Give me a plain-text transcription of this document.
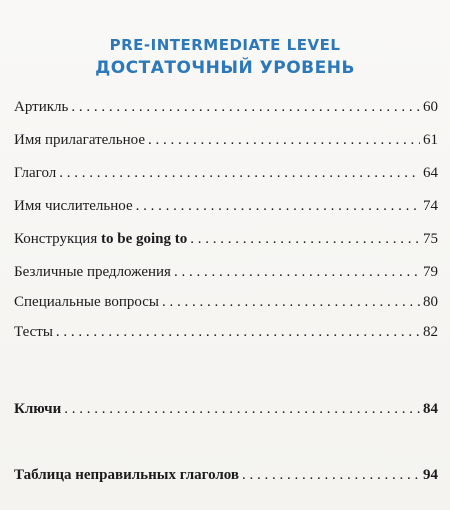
PRE-INTERMEDIATE LEVEL
ДОСТАТОЧНЫЙ УРОВЕНЬ
Артикль . . .	60
Имя прилагательное . . .	61
Глагол . . .	64
Имя числительное . . .	74
Конструкция to be going to . . .	75
Безличные предложения . . .	79
Специальные вопросы . . .	80
Тесты . . .	82
Ключи . . .	84
Таблица неправильных глаголов . . .	94
